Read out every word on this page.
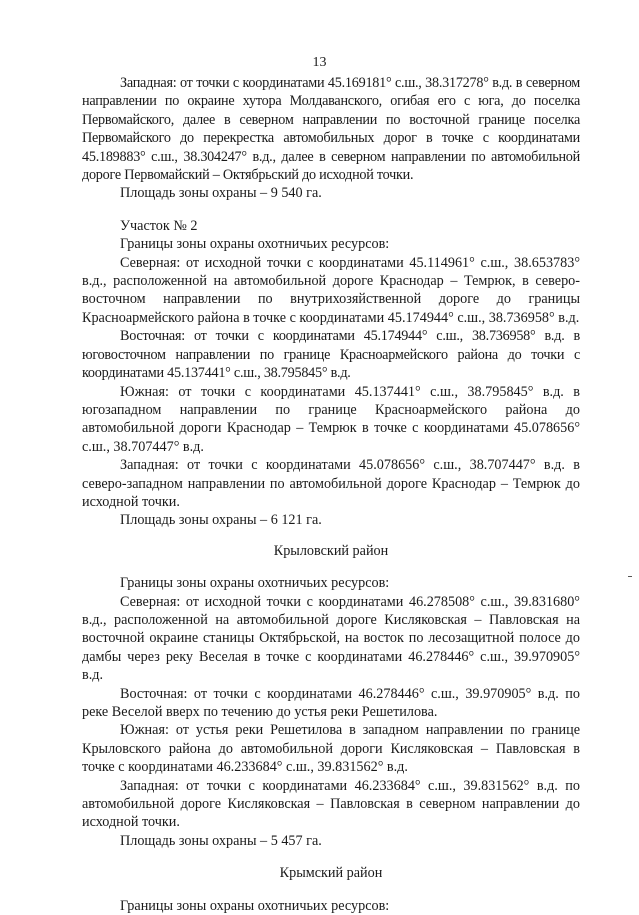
13

Западная: от точки с координатами 45.169181° с.ш., 38.317278° в.д. в северном направлении по окраине хутора Молдаванского, огибая его с юга, до поселка Первомайского, далее в северном направлении по восточной границе поселка Первомайского до перекрестка автомобильных дорог в точке с координатами 45.189883° с.ш., 38.304247° в.д., далее в северном направлении по автомобильной дороге Первомайский – Октябрьский до исходной точки.

Площадь зоны охраны – 9 540 га.

Участок № 2

Границы зоны охраны охотничьих ресурсов:

Северная: от исходной точки с координатами 45.114961° с.ш., 38.653783° в.д., расположенной на автомобильной дороге Краснодар – Темрюк, в северо-восточном направлении по внутрихозяйственной дороге до границы Красноармейского района в точке с координатами 45.174944° с.ш., 38.736958° в.д.

Восточная: от точки с координатами 45.174944° с.ш., 38.736958° в.д. в юговосточном направлении по границе Красноармейского района до точки с координатами 45.137441° с.ш., 38.795845° в.д.

Южная: от точки с координатами 45.137441° с.ш., 38.795845° в.д. в югозападном направлении по границе Красноармейского района до автомобильной дороги Краснодар – Темрюк в точке с координатами 45.078656° с.ш., 38.707447° в.д.

Западная: от точки с координатами 45.078656° с.ш., 38.707447° в.д. в северо-западном направлении по автомобильной дороге Краснодар – Темрюк до исходной точки.

Площадь зоны охраны – 6 121 га.

Крыловский район

Границы зоны охраны охотничьих ресурсов:

Северная: от исходной точки с координатами 46.278508° с.ш., 39.831680° в.д., расположенной на автомобильной дороге Кисляковская – Павловская на восточной окраине станицы Октябрьской, на восток по лесозащитной полосе до дамбы через реку Веселая в точке с координатами 46.278446° с.ш., 39.970905° в.д.

Восточная: от точки с координатами 46.278446° с.ш., 39.970905° в.д. по реке Веселой вверх по течению до устья реки Решетилова.

Южная: от устья реки Решетилова в западном направлении по границе Крыловского района до автомобильной дороги Кисляковская – Павловская в точке с координатами 46.233684° с.ш., 39.831562° в.д.

Западная: от точки с координатами 46.233684° с.ш., 39.831562° в.д. по автомобильной дороге Кисляковская – Павловская в северном направлении до исходной точки.

Площадь зоны охраны – 5 457 га.

Крымский район

Границы зоны охраны охотничьих ресурсов:
